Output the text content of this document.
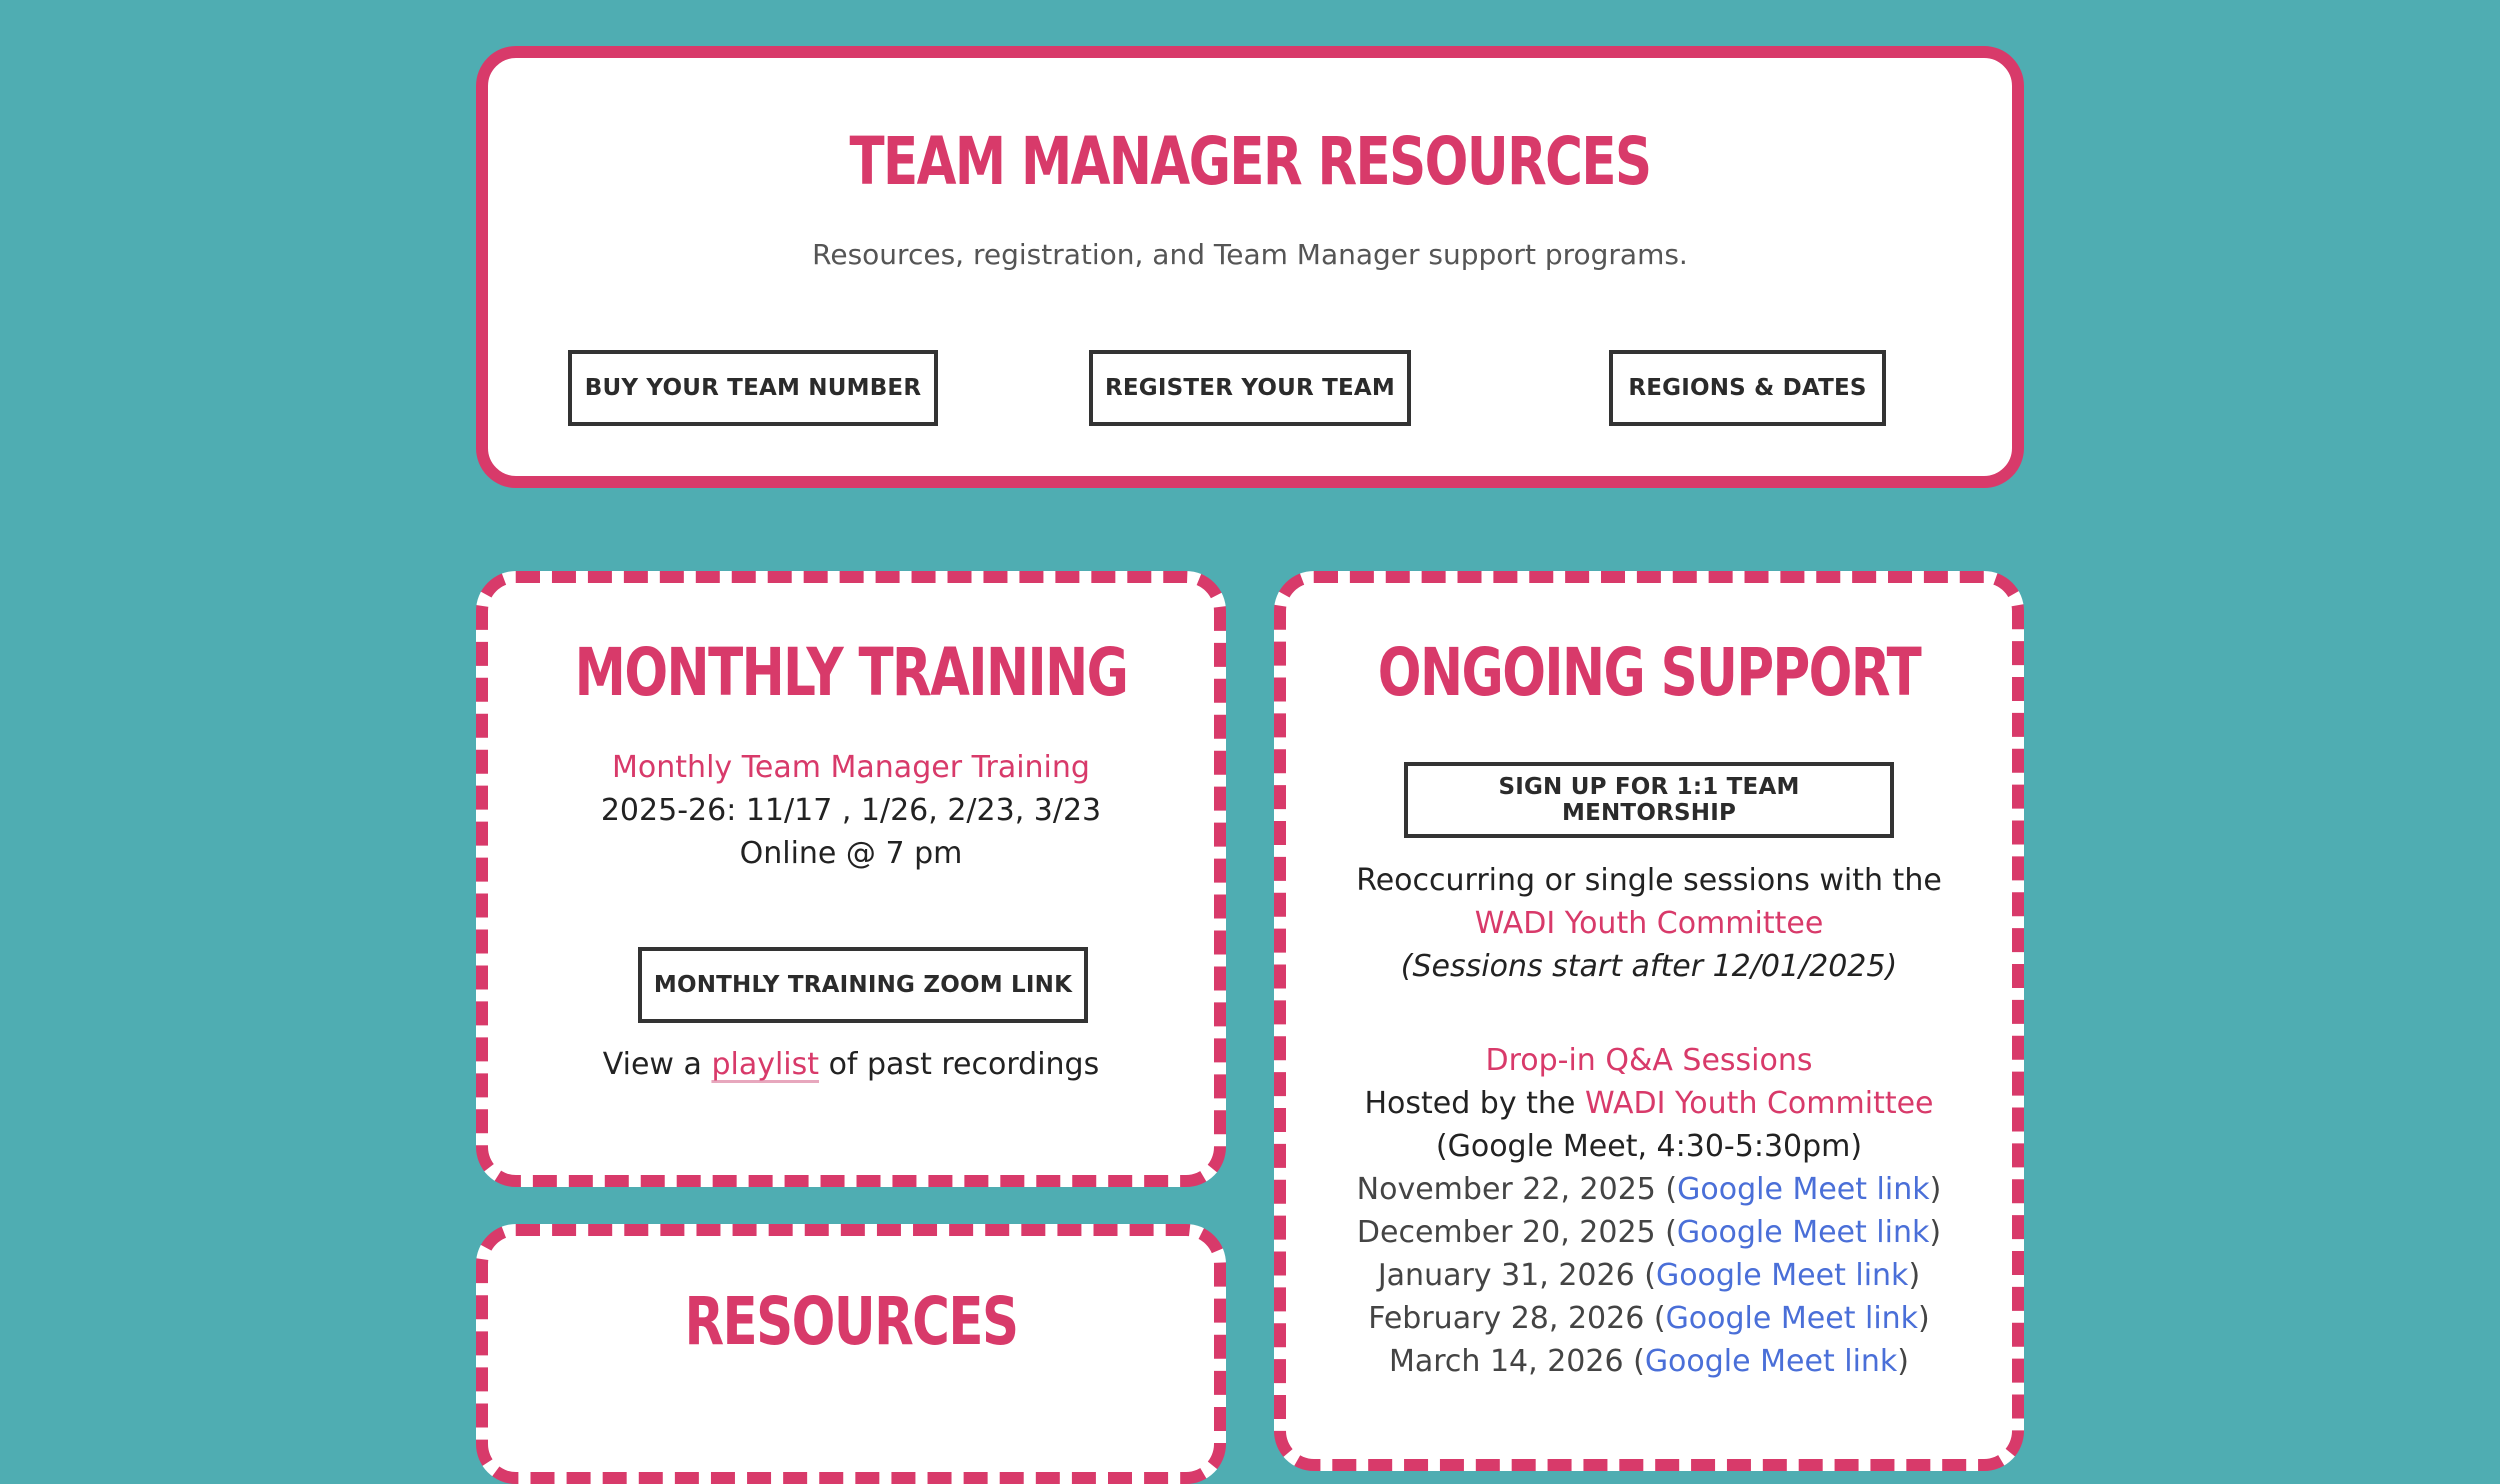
TEAM MANAGER RESOURCES
Resources, registration, and Team Manager support programs.
BUY YOUR TEAM NUMBER	REGISTER YOUR TEAM	REGIONS & DATES
MONTHLY TRAINING
Monthly Team Manager Training
2025-26: 11/17 , 1/26, 2/23, 3/23
Online @ 7 pm
MONTHLY TRAINING ZOOM LINK
View a playlist of past recordings
RESOURCES
ONGOING SUPPORT
SIGN UP FOR 1:1 TEAM MENTORSHIP
Reoccurring or single sessions with the
WADI Youth Committee
(Sessions start after 12/01/2025)
Drop-in Q&A Sessions
Hosted by the WADI Youth Committee
(Google Meet, 4:30-5:30pm)
November 22, 2025 (Google Meet link)
December 20, 2025 (Google Meet link)
January 31, 2026 (Google Meet link)
February 28, 2026 (Google Meet link)
March 14, 2026 (Google Meet link)
